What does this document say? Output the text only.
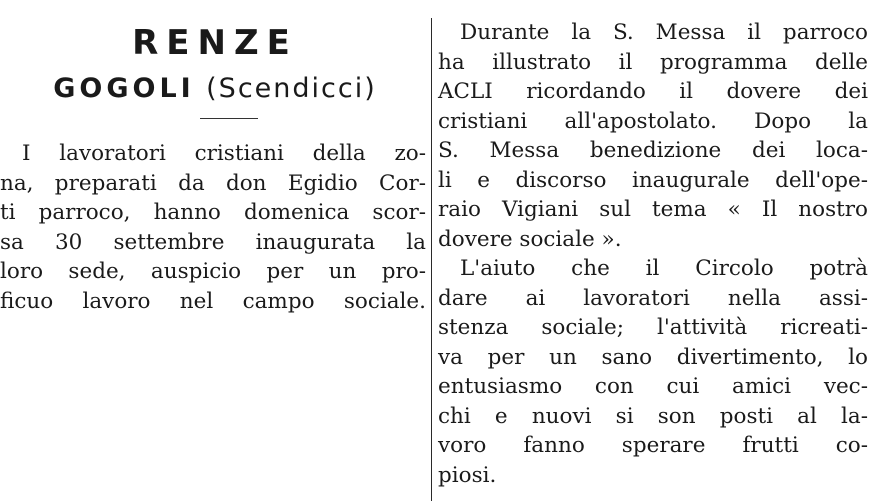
RENZE
GOGOLI (Scendicci)
I lavoratori cristiani della zo-
na, preparati da don Egidio Cor-
ti parroco, hanno domenica scor-
sa 30 settembre inaugurata la
loro sede, auspicio per un pro-
ficuo lavoro nel campo sociale.
Durante la S. Messa il parroco
ha illustrato il programma delle
ACLI ricordando il dovere dei
cristiani all'apostolato. Dopo la
S. Messa benedizione dei loca-
li e discorso inaugurale dell'ope-
raio Vigiani sul tema « Il nostro
dovere sociale ».
L'aiuto che il Circolo potrà
dare ai lavoratori nella assi-
stenza sociale; l'attività ricreati-
va per un sano divertimento, lo
entusiasmo con cui amici vec-
chi e nuovi si son posti al la-
voro fanno sperare frutti co-
piosi.
